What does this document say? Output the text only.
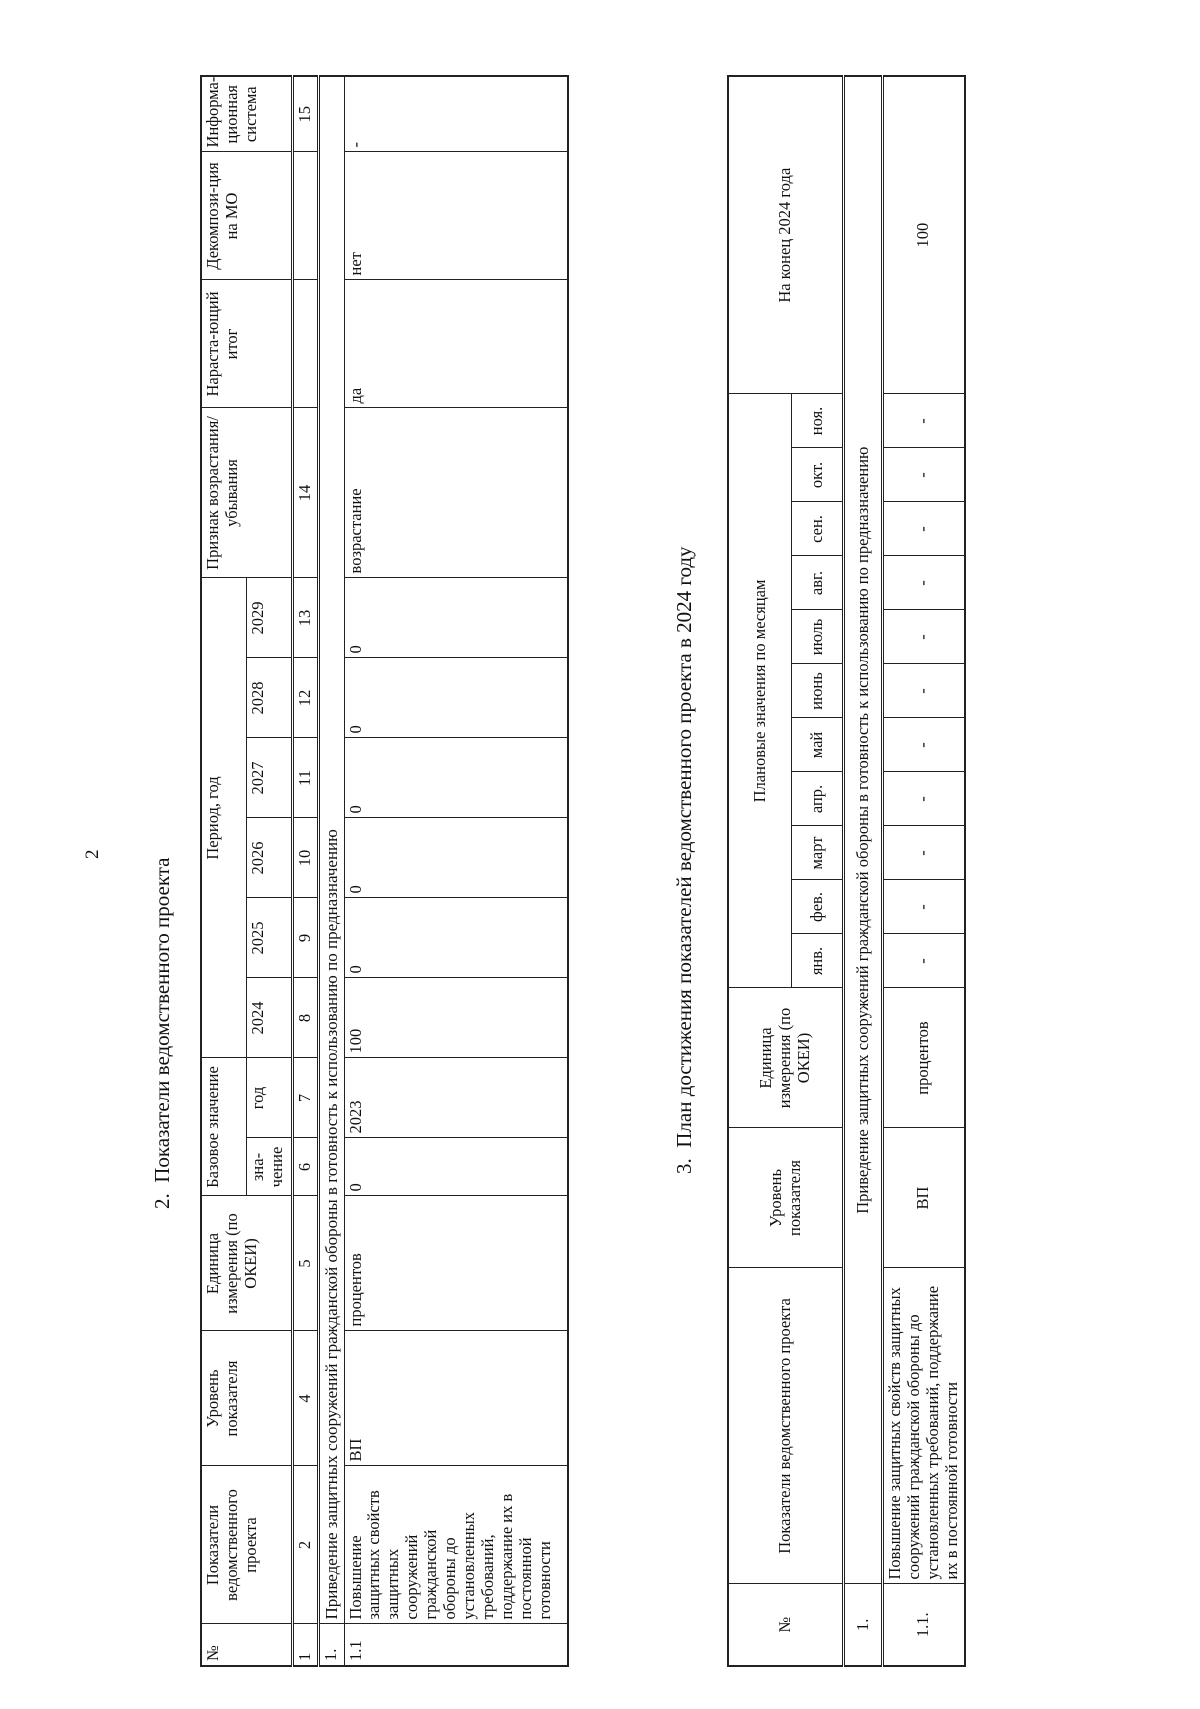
2
2.  Показатели ведомственного проекта
№	Показатели ведомственного проекта	Уровень показателя	Единица измерения (по ОКЕИ)	Базовое значение		Период, год						Признак возрастания/ убывания	Нараста-ющий итог	Декомпози-ция на МО	Информа-ционная система
				зна-чение	год	2024	2025	2026	2027	2028	2029				
1	2	4	5	6	7	8	9	10	11	12	13	14			15
1.	Приведение защитных сооружений гражданской обороны в готовность к использованию по предназначению														
1.1	Повышение защитных свойств защитных сооружений гражданской обороны до установленных требований, поддержание их в постоянной готовности	ВП	процентов	0	2023	100	0	0	0	0	0	возрастание	да	нет	-
3.  План достижения показателей ведомственного проекта в 2024 году
№	Показатели ведомственного проекта	Уровень показателя	Единица измерения (по ОКЕИ)	Плановые значения по месяцам											На конец 2024 года
				янв.	фев.	март	апр.	май	июнь	июль	авг.	сен.	окт.	ноя.	
1.	Приведение защитных сооружений гражданской обороны в готовность к использованию по предназначению														
1.1.	Повышение защитных свойств защитных сооружений гражданской обороны до установленных требований, поддержание их в постоянной готовности	ВП	процентов	-	-	-	-	-	-	-	-	-	-	-	100
